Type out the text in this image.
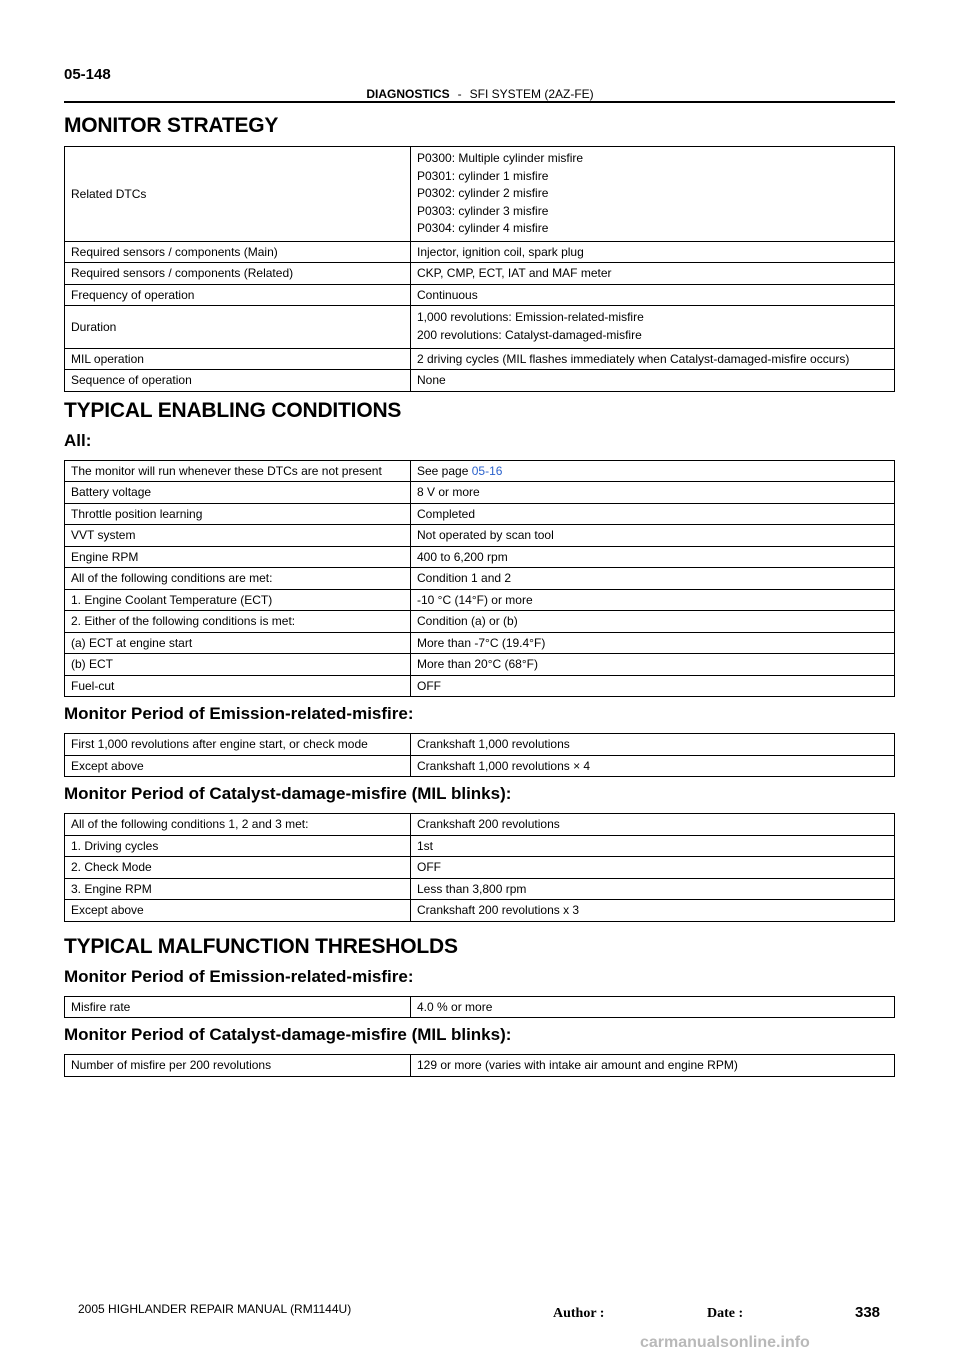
05-148
DIAGNOSTICS - SFI SYSTEM (2AZ-FE)
MONITOR STRATEGY
Related DTCs	P0300: Multiple cylinder misfire
P0301: cylinder 1 misfire
P0302: cylinder 2 misfire
P0303: cylinder 3 misfire
P0304: cylinder 4 misfire

Required sensors / components (Main)	Injector, ignition coil, spark plug
Required sensors / components (Related)	CKP, CMP, ECT, IAT and MAF meter
Frequency of operation	Continuous
Duration	1,000 revolutions: Emission-related-misfire
200 revolutions: Catalyst-damaged-misfire

MIL operation	2 driving cycles (MIL flashes immediately when Catalyst-damaged-misfire occurs)
Sequence of operation	None
TYPICAL ENABLING CONDITIONS
All:
The monitor will run whenever these DTCs are not present	See page 05-16
Battery voltage	8 V or more
Throttle position learning	Completed
VVT system	Not operated by scan tool
Engine RPM	400 to 6,200 rpm
All of the following conditions are met:	Condition 1 and 2
1. Engine Coolant Temperature (ECT)	-10 °C (14°F) or more
2. Either of the following conditions is met:	Condition (a) or (b)
(a) ECT at engine start	More than -7°C (19.4°F)
(b) ECT	More than 20°C (68°F)
Fuel-cut	OFF
Monitor Period of Emission-related-misfire:
First 1,000 revolutions after engine start, or check mode	Crankshaft 1,000 revolutions
Except above	Crankshaft 1,000 revolutions × 4
Monitor Period of Catalyst-damage-misfire (MIL blinks):
All of the following conditions 1, 2 and 3 met:	Crankshaft 200 revolutions
1. Driving cycles	1st
2. Check Mode	OFF
3. Engine RPM	Less than 3,800 rpm
Except above	Crankshaft 200 revolutions x 3
TYPICAL MALFUNCTION THRESHOLDS
Monitor Period of Emission-related-misfire:
Misfire rate	4.0 % or more
Monitor Period of Catalyst-damage-misfire (MIL blinks):
Number of misfire per 200 revolutions	129 or more (varies with intake air amount and engine RPM)
2005 HIGHLANDER REPAIR MANUAL (RM1144U)	338
Author :	Date :
carmanualsonline.info
